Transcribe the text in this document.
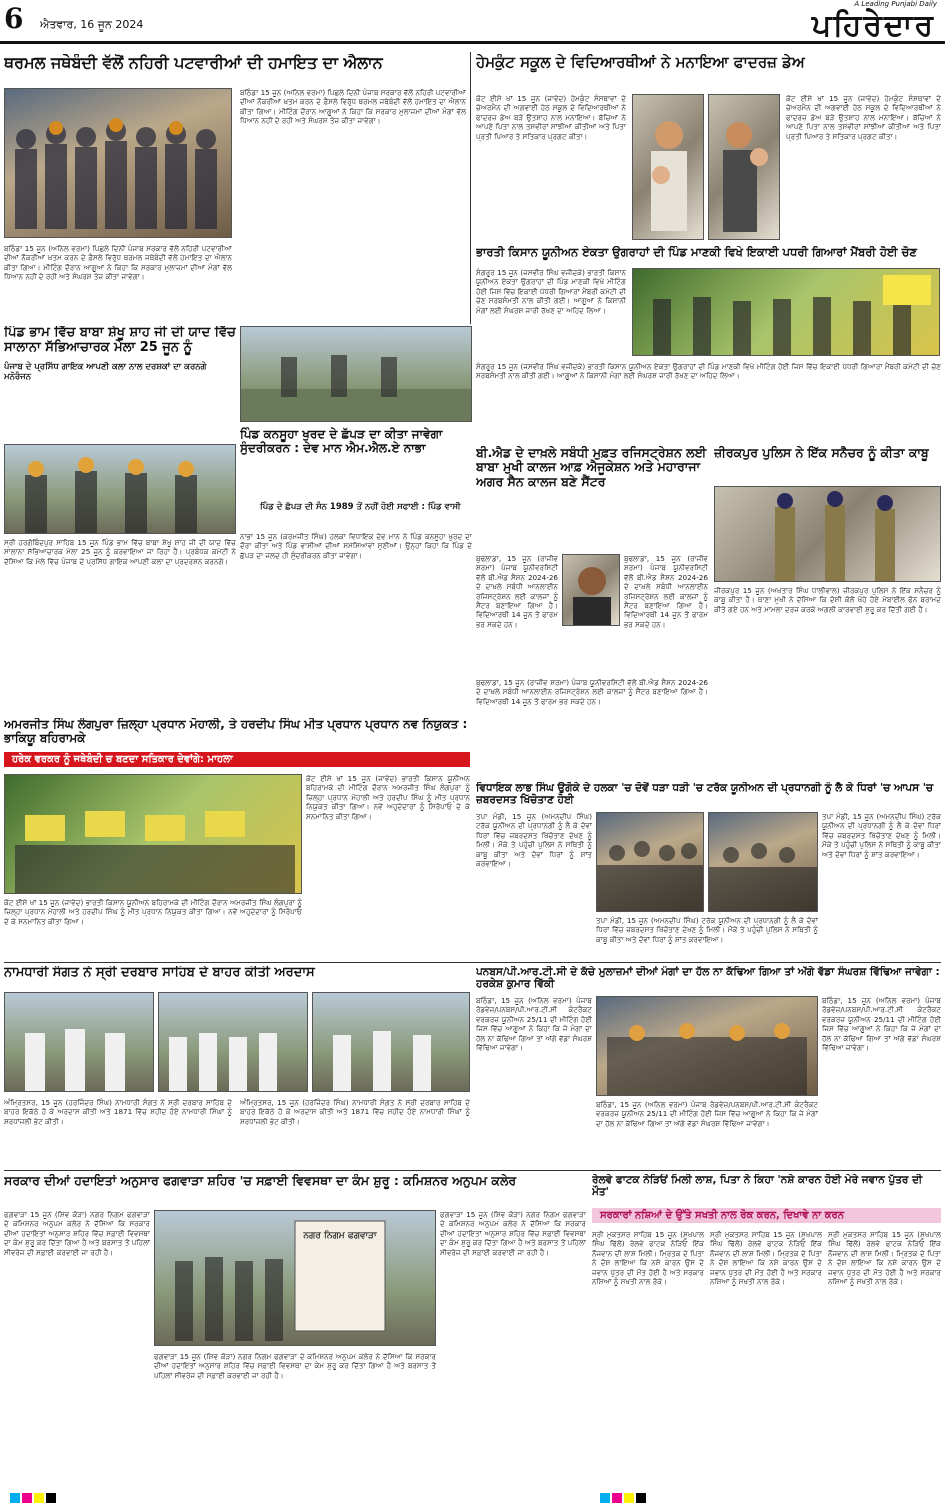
6 ਐਤਵਾਰ, 16 ਜੂਨ 2024
A Leading Punjabi Daily
ਪਹਿਰੇਦਾਰ
ਥਰਮਲ ਜਥੇਬੰਦੀ ਵੱਲੋਂ ਨਹਿਰੀ ਪਟਵਾਰੀਆਂ ਦੀ ਹਮਾਇਤ ਦਾ ਐਲਾਨ
ਬਠਿੰਡਾ 15 ਜੂਨ (ਅਨਿਲ ਵਰਮਾ) ਪਿਛਲੇ ਦਿਨੀਂ ਪੰਜਾਬ ਸਰਕਾਰ ਵੱਲੋਂ ਨਹਿਰੀ ਪਟਵਾਰੀਆਂ ਦੀਆਂ ਨੌਕਰੀਆਂ ਖ਼ਤਮ ਕਰਨ ਦੇ ਫ਼ੈਸਲੇ ਵਿਰੁੱਧ ਥਰਮਲ ਜਥੇਬੰਦੀ ਵੱਲੋਂ ਹਮਾਇਤ ਦਾ ਐਲਾਨ ਕੀਤਾ ਗਿਆ। ਮੀਟਿੰਗ ਦੌਰਾਨ ਆਗੂਆਂ ਨੇ ਕਿਹਾ ਕਿ ਸਰਕਾਰ ਮੁਲਾਜ਼ਮਾਂ ਦੀਆਂ ਮੰਗਾਂ ਵੱਲ ਧਿਆਨ ਨਹੀਂ ਦੇ ਰਹੀ ਅਤੇ ਸੰਘਰਸ਼ ਤੇਜ਼ ਕੀਤਾ ਜਾਵੇਗਾ।
ਬਠਿੰਡਾ 15 ਜੂਨ (ਅਨਿਲ ਵਰਮਾ) ਪਿਛਲੇ ਦਿਨੀਂ ਪੰਜਾਬ ਸਰਕਾਰ ਵੱਲੋਂ ਨਹਿਰੀ ਪਟਵਾਰੀਆਂ ਦੀਆਂ ਨੌਕਰੀਆਂ ਖ਼ਤਮ ਕਰਨ ਦੇ ਫ਼ੈਸਲੇ ਵਿਰੁੱਧ ਥਰਮਲ ਜਥੇਬੰਦੀ ਵੱਲੋਂ ਹਮਾਇਤ ਦਾ ਐਲਾਨ ਕੀਤਾ ਗਿਆ। ਮੀਟਿੰਗ ਦੌਰਾਨ ਆਗੂਆਂ ਨੇ ਕਿਹਾ ਕਿ ਸਰਕਾਰ ਮੁਲਾਜ਼ਮਾਂ ਦੀਆਂ ਮੰਗਾਂ ਵੱਲ ਧਿਆਨ ਨਹੀਂ ਦੇ ਰਹੀ ਅਤੇ ਸੰਘਰਸ਼ ਤੇਜ਼ ਕੀਤਾ ਜਾਵੇਗਾ।
ਹੇਮਕੁੰਟ ਸਕੂਲ ਦੇ ਵਿਦਿਆਰਥੀਆਂ ਨੇ ਮਨਾਇਆ ਫਾਦਰਜ਼ ਡੇਅ
ਕੋਟ ਈਸੇ ਖਾਂ 15 ਜੂਨ (ਜਾਵੇਦ) ਹੇਮਕੁੰਟ ਸੰਸਥਾਵਾਂ ਦੇ ਚੇਅਰਮੈਨ ਦੀ ਅਗਵਾਈ ਹੇਠ ਸਕੂਲ ਦੇ ਵਿਦਿਆਰਥੀਆਂ ਨੇ ਫਾਦਰਜ਼ ਡੇਅ ਬੜੇ ਉਤਸ਼ਾਹ ਨਾਲ ਮਨਾਇਆ। ਬੱਚਿਆਂ ਨੇ ਆਪਣੇ ਪਿਤਾ ਨਾਲ ਤਸਵੀਰਾਂ ਸਾਂਝੀਆਂ ਕੀਤੀਆਂ ਅਤੇ ਪਿਤਾ ਪ੍ਰਤੀ ਪਿਆਰ ਤੇ ਸਤਿਕਾਰ ਪ੍ਰਗਟ ਕੀਤਾ।
ਕੋਟ ਈਸੇ ਖਾਂ 15 ਜੂਨ (ਜਾਵੇਦ) ਹੇਮਕੁੰਟ ਸੰਸਥਾਵਾਂ ਦੇ ਚੇਅਰਮੈਨ ਦੀ ਅਗਵਾਈ ਹੇਠ ਸਕੂਲ ਦੇ ਵਿਦਿਆਰਥੀਆਂ ਨੇ ਫਾਦਰਜ਼ ਡੇਅ ਬੜੇ ਉਤਸ਼ਾਹ ਨਾਲ ਮਨਾਇਆ। ਬੱਚਿਆਂ ਨੇ ਆਪਣੇ ਪਿਤਾ ਨਾਲ ਤਸਵੀਰਾਂ ਸਾਂਝੀਆਂ ਕੀਤੀਆਂ ਅਤੇ ਪਿਤਾ ਪ੍ਰਤੀ ਪਿਆਰ ਤੇ ਸਤਿਕਾਰ ਪ੍ਰਗਟ ਕੀਤਾ।
ਭਾਰਤੀ ਕਿਸਾਨ ਯੂਨੀਅਨ ਏਕਤਾ ਉਗਰਾਹਾਂ ਦੀ ਪਿੰਡ ਮਾਣਕੀ ਵਿਖੇ ਇਕਾਈ ਪਧਰੀ ਗਿਆਰਾਂ ਮੈਂਬਰੀ ਹੋਈ ਚੋਣ
ਸੰਗਰੂਰ 15 ਜੂਨ (ਜਸਵੀਰ ਸਿੰਘ ਵਜੀਦਕੇ) ਭਾਰਤੀ ਕਿਸਾਨ ਯੂਨੀਅਨ ਏਕਤਾ ਉਗਰਾਹਾਂ ਦੀ ਪਿੰਡ ਮਾਣਕੀ ਵਿਖੇ ਮੀਟਿੰਗ ਹੋਈ ਜਿਸ ਵਿੱਚ ਇਕਾਈ ਪੱਧਰੀ ਗਿਆਰਾਂ ਮੈਂਬਰੀ ਕਮੇਟੀ ਦੀ ਚੋਣ ਸਰਬਸੰਮਤੀ ਨਾਲ ਕੀਤੀ ਗਈ। ਆਗੂਆਂ ਨੇ ਕਿਸਾਨੀ ਮੰਗਾਂ ਲਈ ਸੰਘਰਸ਼ ਜਾਰੀ ਰੱਖਣ ਦਾ ਅਹਿਦ ਲਿਆ।
ਸੰਗਰੂਰ 15 ਜੂਨ (ਜਸਵੀਰ ਸਿੰਘ ਵਜੀਦਕੇ) ਭਾਰਤੀ ਕਿਸਾਨ ਯੂਨੀਅਨ ਏਕਤਾ ਉਗਰਾਹਾਂ ਦੀ ਪਿੰਡ ਮਾਣਕੀ ਵਿਖੇ ਮੀਟਿੰਗ ਹੋਈ ਜਿਸ ਵਿੱਚ ਇਕਾਈ ਪੱਧਰੀ ਗਿਆਰਾਂ ਮੈਂਬਰੀ ਕਮੇਟੀ ਦੀ ਚੋਣ ਸਰਬਸੰਮਤੀ ਨਾਲ ਕੀਤੀ ਗਈ। ਆਗੂਆਂ ਨੇ ਕਿਸਾਨੀ ਮੰਗਾਂ ਲਈ ਸੰਘਰਸ਼ ਜਾਰੀ ਰੱਖਣ ਦਾ ਅਹਿਦ ਲਿਆ।
ਪਿੰਡ ਭਾਮ ਵਿੱਚ ਬਾਬਾ ਸ਼ੇਖੂ ਸ਼ਾਹ ਜੀ ਦੀ ਯਾਦ ਵਿੱਚ ਸਾਲਾਨਾ ਸੱਭਿਆਚਾਰਕ ਮੇਲਾ 25 ਜੂਨ ਨੂੰ
ਪੰਜਾਬ ਦੇ ਪ੍ਰਸਿੱਧ ਗਾਇਕ ਆਪਣੀ ਕਲਾ ਨਾਲ ਦਰਸ਼ਕਾਂ ਦਾ ਕਰਨਗੇ ਮਨੋਰੰਜਨ
ਸ੍ਰੀ ਹਰਗੋਬਿੰਦਪੁਰ ਸਾਹਿਬ 15 ਜੂਨ ਪਿੰਡ ਭਾਮ ਵਿੱਚ ਬਾਬਾ ਸ਼ੇਖੂ ਸ਼ਾਹ ਜੀ ਦੀ ਯਾਦ ਵਿੱਚ ਸਾਲਾਨਾ ਸੱਭਿਆਚਾਰਕ ਮੇਲਾ 25 ਜੂਨ ਨੂੰ ਕਰਵਾਇਆ ਜਾ ਰਿਹਾ ਹੈ। ਪ੍ਰਬੰਧਕ ਕਮੇਟੀ ਨੇ ਦੱਸਿਆ ਕਿ ਮੇਲੇ ਵਿੱਚ ਪੰਜਾਬ ਦੇ ਪ੍ਰਸਿੱਧ ਗਾਇਕ ਆਪਣੀ ਕਲਾ ਦਾ ਪ੍ਰਦਰਸ਼ਨ ਕਰਨਗੇ।
ਪਿੰਡ ਕਨਸੂਹਾ ਖੁਰਦ ਦੇ ਛੱਪੜ ਦਾ ਕੀਤਾ ਜਾਵੇਗਾ ਸੁੰਦਰੀਕਰਨ : ਦੇਵ ਮਾਨ ਐਮ.ਐਲ.ਏ ਨਾਭਾ
ਪਿੰਡ ਦੇ ਛੱਪੜ ਦੀ ਸੰਨ 1989 ਤੋਂ ਨਹੀਂ ਹੋਈ ਸਫਾਈ : ਪਿੰਡ ਵਾਸੀ
ਨਾਭਾ 15 ਜੂਨ (ਕਰਮਜੀਤ ਸਿੰਘ) ਹਲਕਾ ਵਿਧਾਇਕ ਦੇਵ ਮਾਨ ਨੇ ਪਿੰਡ ਕਨਸੂਹਾ ਖੁਰਦ ਦਾ ਦੌਰਾ ਕੀਤਾ ਅਤੇ ਪਿੰਡ ਵਾਸੀਆਂ ਦੀਆਂ ਸਮੱਸਿਆਵਾਂ ਸੁਣੀਆਂ। ਉਨ੍ਹਾਂ ਕਿਹਾ ਕਿ ਪਿੰਡ ਦੇ ਛੱਪੜ ਦਾ ਜਲਦ ਹੀ ਸੁੰਦਰੀਕਰਨ ਕੀਤਾ ਜਾਵੇਗਾ।
ਬੀ.ਐਡ ਦੇ ਦਾਖ਼ਲੇ ਸਬੰਧੀ ਮੁਫ਼ਤ ਰਜਿਸਟ੍ਰੇਸ਼ਨ ਲਈ ਬਾਬਾ ਮੁਖੀ ਕਾਲਜ ਆਫ਼ ਐਜੂਕੇਸ਼ਨ ਅਤੇ ਮਹਾਰਾਜਾ ਅਗਰ ਸੈਨ ਕਾਲਜ ਬਣੇ ਸੈਂਟਰ
ਬੁਢਲਾਡਾ, 15 ਜੂਨ (ਰਾਜੀਵ ਸ਼ਰਮਾ) ਪੰਜਾਬ ਯੂਨੀਵਰਸਿਟੀ ਵੱਲੋਂ ਬੀ.ਐਡ ਸੈਸ਼ਨ 2024-26 ਦੇ ਦਾਖ਼ਲੇ ਸਬੰਧੀ ਆਨਲਾਈਨ ਰਜਿਸਟ੍ਰੇਸ਼ਨ ਲਈ ਕਾਲਜਾਂ ਨੂੰ ਸੈਂਟਰ ਬਣਾਇਆ ਗਿਆ ਹੈ। ਵਿਦਿਆਰਥੀ 14 ਜੂਨ ਤੋਂ ਫਾਰਮ ਭਰ ਸਕਦੇ ਹਨ।
ਬੁਢਲਾਡਾ, 15 ਜੂਨ (ਰਾਜੀਵ ਸ਼ਰਮਾ) ਪੰਜਾਬ ਯੂਨੀਵਰਸਿਟੀ ਵੱਲੋਂ ਬੀ.ਐਡ ਸੈਸ਼ਨ 2024-26 ਦੇ ਦਾਖ਼ਲੇ ਸਬੰਧੀ ਆਨਲਾਈਨ ਰਜਿਸਟ੍ਰੇਸ਼ਨ ਲਈ ਕਾਲਜਾਂ ਨੂੰ ਸੈਂਟਰ ਬਣਾਇਆ ਗਿਆ ਹੈ। ਵਿਦਿਆਰਥੀ 14 ਜੂਨ ਤੋਂ ਫਾਰਮ ਭਰ ਸਕਦੇ ਹਨ।
ਬੁਢਲਾਡਾ, 15 ਜੂਨ (ਰਾਜੀਵ ਸ਼ਰਮਾ) ਪੰਜਾਬ ਯੂਨੀਵਰਸਿਟੀ ਵੱਲੋਂ ਬੀ.ਐਡ ਸੈਸ਼ਨ 2024-26 ਦੇ ਦਾਖ਼ਲੇ ਸਬੰਧੀ ਆਨਲਾਈਨ ਰਜਿਸਟ੍ਰੇਸ਼ਨ ਲਈ ਕਾਲਜਾਂ ਨੂੰ ਸੈਂਟਰ ਬਣਾਇਆ ਗਿਆ ਹੈ। ਵਿਦਿਆਰਥੀ 14 ਜੂਨ ਤੋਂ ਫਾਰਮ ਭਰ ਸਕਦੇ ਹਨ।
ਜ਼ੀਰਕਪੁਰ ਪੁਲਿਸ ਨੇ ਇੱਕ ਸਨੈਚਰ ਨੂੰ ਕੀਤਾ ਕਾਬੂ
ਜ਼ੀਰਕਪੁਰ 15 ਜੂਨ (ਅਖਤਾਰ ਸਿੰਘ ਧਾਲੀਵਾਲ) ਜ਼ੀਰਕਪੁਰ ਪੁਲਿਸ ਨੇ ਇੱਕ ਸਨੈਚਰ ਨੂੰ ਕਾਬੂ ਕੀਤਾ ਹੈ। ਥਾਣਾ ਮੁਖੀ ਨੇ ਦੱਸਿਆ ਕਿ ਦੋਸ਼ੀ ਕੋਲੋਂ ਖੋਹੇ ਹੋਏ ਮੋਬਾਈਲ ਫੋਨ ਬਰਾਮਦ ਕੀਤੇ ਗਏ ਹਨ ਅਤੇ ਮਾਮਲਾ ਦਰਜ ਕਰਕੇ ਅਗਲੀ ਕਾਰਵਾਈ ਸ਼ੁਰੂ ਕਰ ਦਿੱਤੀ ਗਈ ਹੈ।
ਅਮਰਜੀਤ ਸਿੰਘ ਲੰਗਪੁਰਾ ਜ਼ਿਲ੍ਹਾ ਪ੍ਰਧਾਨ ਮੋਹਾਲੀ, ਤੇ ਹਰਦੀਪ ਸਿੰਘ ਮੀਤ ਪ੍ਰਧਾਨ ਪ੍ਰਧਾਨ ਨਵ ਨਿਯੁਕਤ : ਭਾਕਿਯੂ ਬਹਿਰਾਮਕੇ
ਹਰੇਕ ਵਰਕਰ ਨੂੰ ਜਥੇਬੰਦੀ ਚ ਬਣਦਾ ਸਤਿਕਾਰ ਦੇਵਾਂਗੇ: ਮਾਹਲਾ
ਕੋਟ ਈਸੇ ਖਾਂ 15 ਜੂਨ (ਜਾਵੇਦ) ਭਾਰਤੀ ਕਿਸਾਨ ਯੂਨੀਅਨ ਬਹਿਰਾਮਕੇ ਦੀ ਮੀਟਿੰਗ ਦੌਰਾਨ ਅਮਰਜੀਤ ਸਿੰਘ ਲੰਗਪੁਰਾ ਨੂੰ ਜ਼ਿਲ੍ਹਾ ਪ੍ਰਧਾਨ ਮੋਹਾਲੀ ਅਤੇ ਹਰਦੀਪ ਸਿੰਘ ਨੂੰ ਮੀਤ ਪ੍ਰਧਾਨ ਨਿਯੁਕਤ ਕੀਤਾ ਗਿਆ। ਨਵੇਂ ਅਹੁਦੇਦਾਰਾਂ ਨੂੰ ਸਿਰੋਪਾਓ ਦੇ ਕੇ ਸਨਮਾਨਿਤ ਕੀਤਾ ਗਿਆ।
ਕੋਟ ਈਸੇ ਖਾਂ 15 ਜੂਨ (ਜਾਵੇਦ) ਭਾਰਤੀ ਕਿਸਾਨ ਯੂਨੀਅਨ ਬਹਿਰਾਮਕੇ ਦੀ ਮੀਟਿੰਗ ਦੌਰਾਨ ਅਮਰਜੀਤ ਸਿੰਘ ਲੰਗਪੁਰਾ ਨੂੰ ਜ਼ਿਲ੍ਹਾ ਪ੍ਰਧਾਨ ਮੋਹਾਲੀ ਅਤੇ ਹਰਦੀਪ ਸਿੰਘ ਨੂੰ ਮੀਤ ਪ੍ਰਧਾਨ ਨਿਯੁਕਤ ਕੀਤਾ ਗਿਆ। ਨਵੇਂ ਅਹੁਦੇਦਾਰਾਂ ਨੂੰ ਸਿਰੋਪਾਓ ਦੇ ਕੇ ਸਨਮਾਨਿਤ ਕੀਤਾ ਗਿਆ।
ਵਿਧਾਇਕ ਲਾਭ ਸਿੰਘ ਉਗੋਕੇ ਦੇ ਹਲਕਾ 'ਚ ਦੋਵੇਂ ਧੜਾ ਧੜੀ 'ਚ ਟਰੱਕ ਯੂਨੀਅਨ ਦੀ ਪ੍ਰਧਾਨਗੀ ਨੂੰ ਲੈ ਕੇ ਧਿਰਾਂ 'ਚ ਆਪਸ 'ਚ ਜ਼ਬਰਦਸਤ ਖਿੱਚੋਤਾਣ ਹੋਈ
ਤਪਾ ਮੰਡੀ, 15 ਜੂਨ (ਅਮਨਦੀਪ ਸਿੰਘ) ਟਰੱਕ ਯੂਨੀਅਨ ਦੀ ਪ੍ਰਧਾਨਗੀ ਨੂੰ ਲੈ ਕੇ ਦੋਵਾਂ ਧਿਰਾਂ ਵਿੱਚ ਜ਼ਬਰਦਸਤ ਖਿੱਚੋਤਾਣ ਦੇਖਣ ਨੂੰ ਮਿਲੀ। ਮੌਕੇ ਤੇ ਪਹੁੰਚੀ ਪੁਲਿਸ ਨੇ ਸਥਿਤੀ ਨੂੰ ਕਾਬੂ ਕੀਤਾ ਅਤੇ ਦੋਵਾਂ ਧਿਰਾਂ ਨੂੰ ਸ਼ਾਂਤ ਕਰਵਾਇਆ।
ਤਪਾ ਮੰਡੀ, 15 ਜੂਨ (ਅਮਨਦੀਪ ਸਿੰਘ) ਟਰੱਕ ਯੂਨੀਅਨ ਦੀ ਪ੍ਰਧਾਨਗੀ ਨੂੰ ਲੈ ਕੇ ਦੋਵਾਂ ਧਿਰਾਂ ਵਿੱਚ ਜ਼ਬਰਦਸਤ ਖਿੱਚੋਤਾਣ ਦੇਖਣ ਨੂੰ ਮਿਲੀ। ਮੌਕੇ ਤੇ ਪਹੁੰਚੀ ਪੁਲਿਸ ਨੇ ਸਥਿਤੀ ਨੂੰ ਕਾਬੂ ਕੀਤਾ ਅਤੇ ਦੋਵਾਂ ਧਿਰਾਂ ਨੂੰ ਸ਼ਾਂਤ ਕਰਵਾਇਆ।
ਤਪਾ ਮੰਡੀ, 15 ਜੂਨ (ਅਮਨਦੀਪ ਸਿੰਘ) ਟਰੱਕ ਯੂਨੀਅਨ ਦੀ ਪ੍ਰਧਾਨਗੀ ਨੂੰ ਲੈ ਕੇ ਦੋਵਾਂ ਧਿਰਾਂ ਵਿੱਚ ਜ਼ਬਰਦਸਤ ਖਿੱਚੋਤਾਣ ਦੇਖਣ ਨੂੰ ਮਿਲੀ। ਮੌਕੇ ਤੇ ਪਹੁੰਚੀ ਪੁਲਿਸ ਨੇ ਸਥਿਤੀ ਨੂੰ ਕਾਬੂ ਕੀਤਾ ਅਤੇ ਦੋਵਾਂ ਧਿਰਾਂ ਨੂੰ ਸ਼ਾਂਤ ਕਰਵਾਇਆ।
ਨਾਮਧਾਰੀ ਸੰਗਤ ਨੇ ਸ੍ਰੀ ਦਰਬਾਰ ਸਾਹਿਬ ਦੇ ਬਾਹਰ ਕੀਤੀ ਅਰਦਾਸ
ਅੰਮ੍ਰਿਤਸਰ, 15 ਜੂਨ (ਹਰਜਿੰਦਰ ਸਿੰਘ) ਨਾਮਧਾਰੀ ਸੰਗਤ ਨੇ ਸ੍ਰੀ ਦਰਬਾਰ ਸਾਹਿਬ ਦੇ ਬਾਹਰ ਇਕੱਠੇ ਹੋ ਕੇ ਅਰਦਾਸ ਕੀਤੀ ਅਤੇ 1871 ਵਿੱਚ ਸ਼ਹੀਦ ਹੋਏ ਨਾਮਧਾਰੀ ਸਿੰਘਾਂ ਨੂੰ ਸ਼ਰਧਾਂਜਲੀ ਭੇਟ ਕੀਤੀ।
ਅੰਮ੍ਰਿਤਸਰ, 15 ਜੂਨ (ਹਰਜਿੰਦਰ ਸਿੰਘ) ਨਾਮਧਾਰੀ ਸੰਗਤ ਨੇ ਸ੍ਰੀ ਦਰਬਾਰ ਸਾਹਿਬ ਦੇ ਬਾਹਰ ਇਕੱਠੇ ਹੋ ਕੇ ਅਰਦਾਸ ਕੀਤੀ ਅਤੇ 1871 ਵਿੱਚ ਸ਼ਹੀਦ ਹੋਏ ਨਾਮਧਾਰੀ ਸਿੰਘਾਂ ਨੂੰ ਸ਼ਰਧਾਂਜਲੀ ਭੇਟ ਕੀਤੀ।
ਪਨਬਸ/ਪੀ.ਆਰ.ਟੀ.ਸੀ ਦੇ ਕੱਚੇ ਮੁਲਾਜ਼ਮਾਂ ਦੀਆਂ ਮੰਗਾਂ ਦਾ ਹੱਲ ਨਾ ਕੱਢਿਆ ਗਿਆ ਤਾਂ ਅੱਗੇ ਵੱਡਾ ਸੰਘਰਸ਼ ਵਿੱਢਿਆ ਜਾਵੇਗਾ : ਹਰਕੇਸ਼ ਕੁਮਾਰ ਵਿੱਕੀ
ਬਠਿੰਡਾ, 15 ਜੂਨ (ਅਨਿਲ ਵਰਮਾ) ਪੰਜਾਬ ਰੋਡਵੇਜ਼/ਪਨਬਸ/ਪੀ.ਆਰ.ਟੀ.ਸੀ ਕੰਟਰੈਕਟ ਵਰਕਰਜ਼ ਯੂਨੀਅਨ 25/11 ਦੀ ਮੀਟਿੰਗ ਹੋਈ ਜਿਸ ਵਿੱਚ ਆਗੂਆਂ ਨੇ ਕਿਹਾ ਕਿ ਜੇ ਮੰਗਾਂ ਦਾ ਹੱਲ ਨਾ ਕੱਢਿਆ ਗਿਆ ਤਾਂ ਅੱਗੇ ਵੱਡਾ ਸੰਘਰਸ਼ ਵਿੱਢਿਆ ਜਾਵੇਗਾ।
ਬਠਿੰਡਾ, 15 ਜੂਨ (ਅਨਿਲ ਵਰਮਾ) ਪੰਜਾਬ ਰੋਡਵੇਜ਼/ਪਨਬਸ/ਪੀ.ਆਰ.ਟੀ.ਸੀ ਕੰਟਰੈਕਟ ਵਰਕਰਜ਼ ਯੂਨੀਅਨ 25/11 ਦੀ ਮੀਟਿੰਗ ਹੋਈ ਜਿਸ ਵਿੱਚ ਆਗੂਆਂ ਨੇ ਕਿਹਾ ਕਿ ਜੇ ਮੰਗਾਂ ਦਾ ਹੱਲ ਨਾ ਕੱਢਿਆ ਗਿਆ ਤਾਂ ਅੱਗੇ ਵੱਡਾ ਸੰਘਰਸ਼ ਵਿੱਢਿਆ ਜਾਵੇਗਾ।
ਬਠਿੰਡਾ, 15 ਜੂਨ (ਅਨਿਲ ਵਰਮਾ) ਪੰਜਾਬ ਰੋਡਵੇਜ਼/ਪਨਬਸ/ਪੀ.ਆਰ.ਟੀ.ਸੀ ਕੰਟਰੈਕਟ ਵਰਕਰਜ਼ ਯੂਨੀਅਨ 25/11 ਦੀ ਮੀਟਿੰਗ ਹੋਈ ਜਿਸ ਵਿੱਚ ਆਗੂਆਂ ਨੇ ਕਿਹਾ ਕਿ ਜੇ ਮੰਗਾਂ ਦਾ ਹੱਲ ਨਾ ਕੱਢਿਆ ਗਿਆ ਤਾਂ ਅੱਗੇ ਵੱਡਾ ਸੰਘਰਸ਼ ਵਿੱਢਿਆ ਜਾਵੇਗਾ।
ਸਰਕਾਰ ਦੀਆਂ ਹਦਾਇਤਾਂ ਅਨੁਸਾਰ ਫਗਵਾੜਾ ਸ਼ਹਿਰ 'ਚ ਸਫ਼ਾਈ ਵਿਵਸਥਾ ਦਾ ਕੰਮ ਸ਼ੁਰੂ : ਕਮਿਸ਼ਨਰ ਅਨੁਪਮ ਕਲੇਰ
ਫਗਵਾੜਾ 15 ਜੂਨ (ਸ਼ਿਵ ਕੋੜਾ) ਨਗਰ ਨਿਗਮ ਫਗਵਾੜਾ ਦੇ ਕਮਿਸ਼ਨਰ ਅਨੁਪਮ ਕਲੇਰ ਨੇ ਦੱਸਿਆ ਕਿ ਸਰਕਾਰ ਦੀਆਂ ਹਦਾਇਤਾਂ ਅਨੁਸਾਰ ਸ਼ਹਿਰ ਵਿੱਚ ਸਫ਼ਾਈ ਵਿਵਸਥਾ ਦਾ ਕੰਮ ਸ਼ੁਰੂ ਕਰ ਦਿੱਤਾ ਗਿਆ ਹੈ ਅਤੇ ਬਰਸਾਤ ਤੋਂ ਪਹਿਲਾਂ ਸੀਵਰੇਜ ਦੀ ਸਫ਼ਾਈ ਕਰਵਾਈ ਜਾ ਰਹੀ ਹੈ।
ਨਗਰ ਨਿਗਮ ਫਗਵਾੜਾ
ਫਗਵਾੜਾ 15 ਜੂਨ (ਸ਼ਿਵ ਕੋੜਾ) ਨਗਰ ਨਿਗਮ ਫਗਵਾੜਾ ਦੇ ਕਮਿਸ਼ਨਰ ਅਨੁਪਮ ਕਲੇਰ ਨੇ ਦੱਸਿਆ ਕਿ ਸਰਕਾਰ ਦੀਆਂ ਹਦਾਇਤਾਂ ਅਨੁਸਾਰ ਸ਼ਹਿਰ ਵਿੱਚ ਸਫ਼ਾਈ ਵਿਵਸਥਾ ਦਾ ਕੰਮ ਸ਼ੁਰੂ ਕਰ ਦਿੱਤਾ ਗਿਆ ਹੈ ਅਤੇ ਬਰਸਾਤ ਤੋਂ ਪਹਿਲਾਂ ਸੀਵਰੇਜ ਦੀ ਸਫ਼ਾਈ ਕਰਵਾਈ ਜਾ ਰਹੀ ਹੈ।
ਫਗਵਾੜਾ 15 ਜੂਨ (ਸ਼ਿਵ ਕੋੜਾ) ਨਗਰ ਨਿਗਮ ਫਗਵਾੜਾ ਦੇ ਕਮਿਸ਼ਨਰ ਅਨੁਪਮ ਕਲੇਰ ਨੇ ਦੱਸਿਆ ਕਿ ਸਰਕਾਰ ਦੀਆਂ ਹਦਾਇਤਾਂ ਅਨੁਸਾਰ ਸ਼ਹਿਰ ਵਿੱਚ ਸਫ਼ਾਈ ਵਿਵਸਥਾ ਦਾ ਕੰਮ ਸ਼ੁਰੂ ਕਰ ਦਿੱਤਾ ਗਿਆ ਹੈ ਅਤੇ ਬਰਸਾਤ ਤੋਂ ਪਹਿਲਾਂ ਸੀਵਰੇਜ ਦੀ ਸਫ਼ਾਈ ਕਰਵਾਈ ਜਾ ਰਹੀ ਹੈ।
ਰੇਲਵੇ ਫਾਟਕ ਨੇੜਿਓਂ ਮਿਲੀ ਲਾਸ਼, ਪਿਤਾ ਨੇ ਕਿਹਾ 'ਨਸ਼ੇ ਕਾਰਨ ਹੋਈ ਮੇਰੇ ਜਵਾਨ ਪੁੱਤਰ ਦੀ ਮੌਤ'
ਸਰਕਾਰਾਂ ਨਸ਼ਿਆਂ ਦੇ ਉੱਤੇ ਸਖਤੀ ਨਾਲ ਰੋਕ ਕਰਨ, ਦਿਖਾਵੇ ਨਾ ਕਰਨ
ਸ੍ਰੀ ਮੁਕਤਸਰ ਸਾਹਿਬ 15 ਜੂਨ (ਸੁਖਪਾਲ ਸਿੰਘ ਢਿੱਲੋਂ) ਰੇਲਵੇ ਫਾਟਕ ਨੇੜਿਓਂ ਇੱਕ ਨੌਜਵਾਨ ਦੀ ਲਾਸ਼ ਮਿਲੀ। ਮ੍ਰਿਤਕ ਦੇ ਪਿਤਾ ਨੇ ਦੋਸ਼ ਲਾਇਆ ਕਿ ਨਸ਼ੇ ਕਾਰਨ ਉਸ ਦੇ ਜਵਾਨ ਪੁੱਤਰ ਦੀ ਮੌਤ ਹੋਈ ਹੈ ਅਤੇ ਸਰਕਾਰ ਨਸ਼ਿਆਂ ਨੂੰ ਸਖਤੀ ਨਾਲ ਰੋਕੇ।
ਸ੍ਰੀ ਮੁਕਤਸਰ ਸਾਹਿਬ 15 ਜੂਨ (ਸੁਖਪਾਲ ਸਿੰਘ ਢਿੱਲੋਂ) ਰੇਲਵੇ ਫਾਟਕ ਨੇੜਿਓਂ ਇੱਕ ਨੌਜਵਾਨ ਦੀ ਲਾਸ਼ ਮਿਲੀ। ਮ੍ਰਿਤਕ ਦੇ ਪਿਤਾ ਨੇ ਦੋਸ਼ ਲਾਇਆ ਕਿ ਨਸ਼ੇ ਕਾਰਨ ਉਸ ਦੇ ਜਵਾਨ ਪੁੱਤਰ ਦੀ ਮੌਤ ਹੋਈ ਹੈ ਅਤੇ ਸਰਕਾਰ ਨਸ਼ਿਆਂ ਨੂੰ ਸਖਤੀ ਨਾਲ ਰੋਕੇ।
ਸ੍ਰੀ ਮੁਕਤਸਰ ਸਾਹਿਬ 15 ਜੂਨ (ਸੁਖਪਾਲ ਸਿੰਘ ਢਿੱਲੋਂ) ਰੇਲਵੇ ਫਾਟਕ ਨੇੜਿਓਂ ਇੱਕ ਨੌਜਵਾਨ ਦੀ ਲਾਸ਼ ਮਿਲੀ। ਮ੍ਰਿਤਕ ਦੇ ਪਿਤਾ ਨੇ ਦੋਸ਼ ਲਾਇਆ ਕਿ ਨਸ਼ੇ ਕਾਰਨ ਉਸ ਦੇ ਜਵਾਨ ਪੁੱਤਰ ਦੀ ਮੌਤ ਹੋਈ ਹੈ ਅਤੇ ਸਰਕਾਰ ਨਸ਼ਿਆਂ ਨੂੰ ਸਖਤੀ ਨਾਲ ਰੋਕੇ।
